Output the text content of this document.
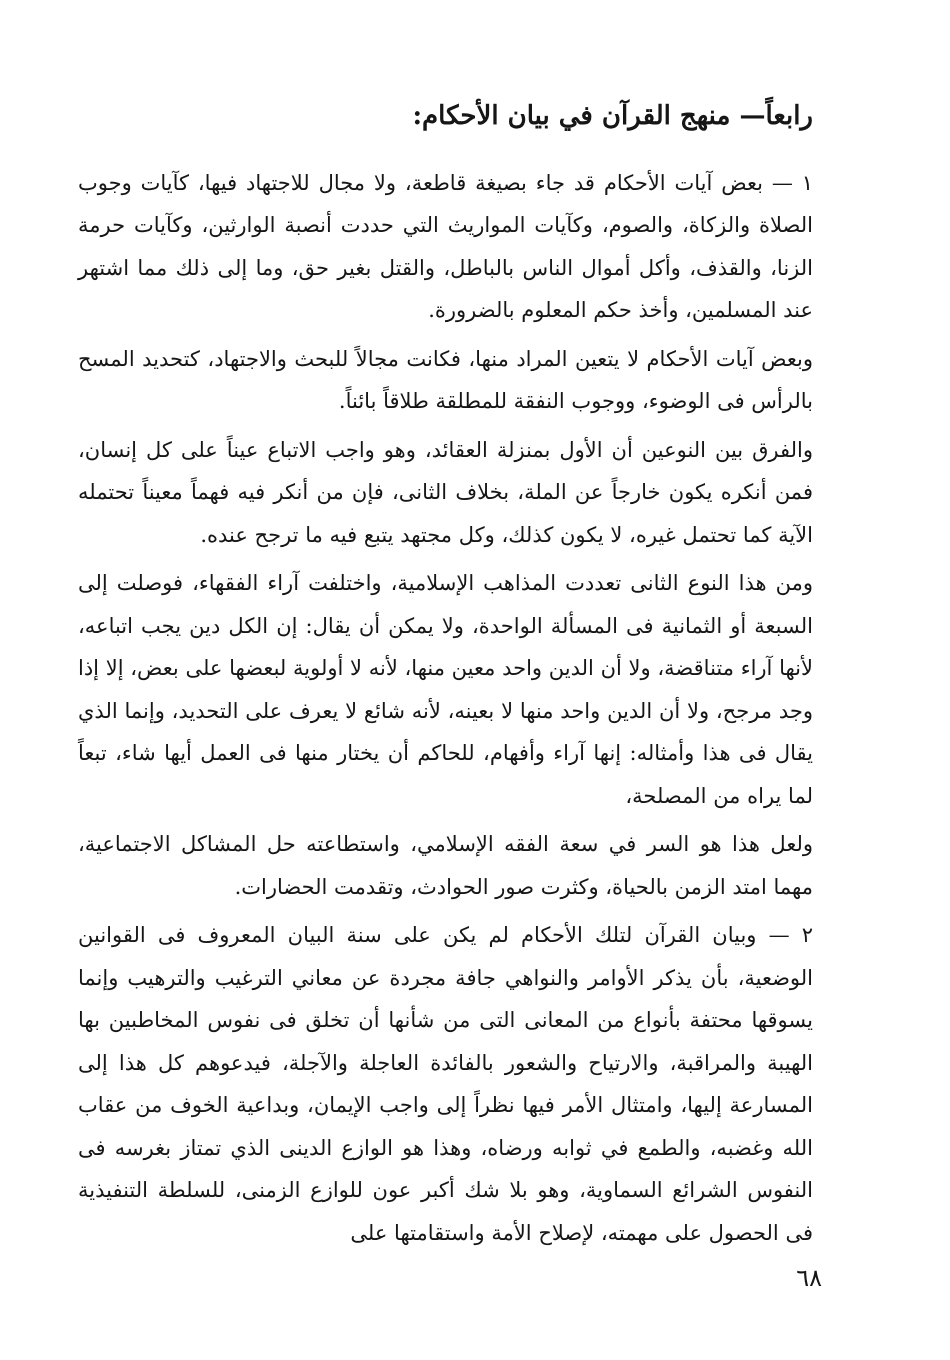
رابعاً— منهج القرآن في بيان الأحكام:

١ — بعض آيات الأحكام قد جاء بصيغة قاطعة، ولا مجال للاجتهاد فيها، كآيات وجوب الصلاة والزكاة، والصوم، وكآيات المواريث التي حددت أنصبة الوارثين، وكآيات حرمة الزنا، والقذف، وأكل أموال الناس بالباطل، والقتل بغير حق، وما إلى ذلك مما اشتهر عند المسلمين، وأخذ حكم المعلوم بالضرورة.

وبعض آيات الأحكام لا يتعين المراد منها، فكانت مجالاً للبحث والاجتهاد، كتحديد المسح بالرأس فى الوضوء، ووجوب النفقة للمطلقة طلاقاً بائناً.

والفرق بين النوعين أن الأول بمنزلة العقائد، وهو واجب الاتباع عيناً على كل إنسان، فمن أنكره يكون خارجاً عن الملة، بخلاف الثانى، فإن من أنكر فيه فهماً معيناً تحتمله الآية كما تحتمل غيره، لا يكون كذلك، وكل مجتهد يتبع فيه ما ترجح عنده.

ومن هذا النوع الثانى تعددت المذاهب الإسلامية، واختلفت آراء الفقهاء، فوصلت إلى السبعة أو الثمانية فى المسألة الواحدة، ولا يمكن أن يقال: إن الكل دين يجب اتباعه، لأنها آراء متناقضة، ولا أن الدين واحد معين منها، لأنه لا أولوية لبعضها على بعض، إلا إذا وجد مرجح، ولا أن الدين واحد منها لا بعينه، لأنه شائع لا يعرف على التحديد، وإنما الذي يقال فى هذا وأمثاله: إنها آراء وأفهام، للحاكم أن يختار منها فى العمل أيها شاء، تبعاً لما يراه من المصلحة،

ولعل هذا هو السر في سعة الفقه الإسلامي، واستطاعته حل المشاكل الاجتماعية، مهما امتد الزمن بالحياة، وكثرت صور الحوادث، وتقدمت الحضارات.

٢ — وبيان القرآن لتلك الأحكام لم يكن على سنة البيان المعروف فى القوانين الوضعية، بأن يذكر الأوامر والنواهي جافة مجردة عن معاني الترغيب والترهيب وإنما يسوقها محتفة بأنواع من المعانى التى من شأنها أن تخلق فى نفوس المخاطبين بها الهيبة والمراقبة، والارتياح والشعور بالفائدة العاجلة والآجلة، فيدعوهم كل هذا إلى المسارعة إليها، وامتثال الأمر فيها نظراً إلى واجب الإيمان، وبداعية الخوف من عقاب الله وغضبه، والطمع في ثوابه ورضاه، وهذا هو الوازع الدينى الذي تمتاز بغرسه فى النفوس الشرائع السماوية، وهو بلا شك أكبر عون للوازع الزمنى، للسلطة التنفيذية فى الحصول على مهمته، لإصلاح الأمة واستقامتها على

٦٨
